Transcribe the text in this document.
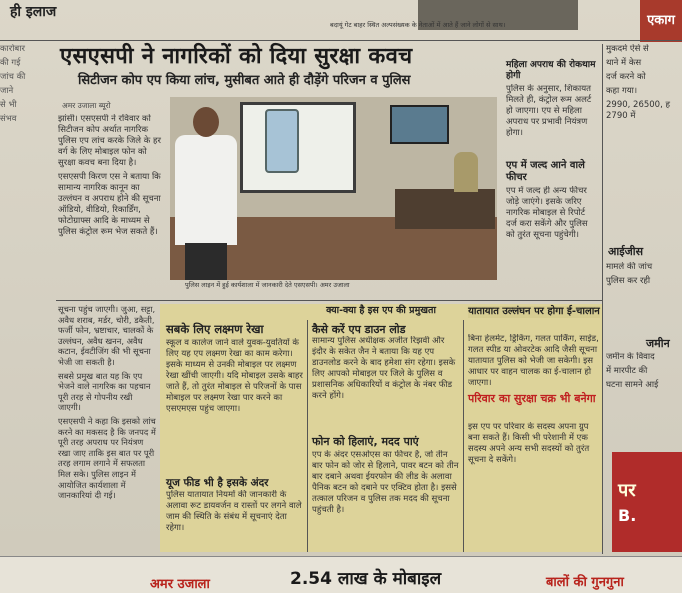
ही इलाज
बदायूं गेट बाहर स्थित अल्पसंख्यक के नेताओं में आते हैं जाने लोगों से साथ।	एकाग

कारोबार

की गई

जांच की

जाने

से भी

संभव

एसएसपी ने नागरिकों को दिया सुरक्षा कवच
सिटीजन कोप एप किया लांच, मुसीबत आते ही दौड़ेंगे परिजन व पुलिस
अमर उजाला ब्यूरो

झांसी। एसएसपी ने रविवार को सिटीजन कोप अर्थात नागरिक पुलिस एप लांच करके जिले के हर वर्ग के लिए मोबाइल फोन को सुरक्षा कवच बना दिया है।

एसएसपी किरण एस ने बताया कि सामान्य नागरिक कानून का उल्लंघन व अपराध होने की सूचना ऑडियो, वीडियो, रिकार्डिंग, फोटोग्राफ्स आदि के माध्यम से पुलिस कंट्रोल रूम भेज सकते हैं।

पुलिस लाइन में हुई कार्यशाला में जानकारी देते एसएसपी। अमर उजाला
महिला अपराध की रोकथाम होगी
पुलिस के अनुसार, शिकायत मिलते ही, कंट्रोल रूम अलर्ट हो जाएगा। एप से महिला अपराध पर प्रभावी नियंत्रण होगा।
एप में जल्द आने वाले फीचर
एप में जल्द ही अन्य फीचर जोड़े जाएंगे। इसके जरिए नागरिक मोबाइल से रिपोर्ट दर्ज करा सकेंगे और पुलिस को तुरंत सूचना पहुंचेगी।

मुकदमे ऐसे से

थाने में केस

दर्ज करने को

कहा गया।

2990, 26500, ह 2790 में

आईजीस

मामले की जांच

पुलिस कर रही

जमीन

जमीन के विवाद

में मारपीट की

घटना सामने आई

पर
B.

सूचना पहुंच जाएगी। जुआ, सट्टा, अवैध शराब, मर्डर, चोरी, डकैती, फर्जी फोन, भ्रष्टाचार, चालकों के उल्लंघन, अवैध खनन, अवैध कटान, ईवटीजिंग की भी सूचना भेजी जा सकती है।

सबसे प्रमुख बात यह कि एप भेजने वाले नागरिक का पहचान पूरी तरह से गोपनीय रखी जाएगी।

एसएसपी ने कहा कि इसको लांच करने का मकसद है कि जनपद में पूरी तरह अपराध पर नियंत्रण रखा जाए ताकि इस बात पर पूरी तरह लगाम लगाने में सफलता मिल सके। पुलिस लाइन में आयोजित कार्यशाला में जानकारियां दी गई।

क्या-क्या है इस एप की प्रमुखता
सबके लिए लक्ष्मण रेखा
स्कूल व कालेज जाने वाले युवक-युवतियों के लिए यह एप लक्ष्मण रेखा का काम करेगा। इसके माध्यम से उनकी मोबाइल पर लक्ष्मण रेखा खींची जाएगी। यदि मोबाइल उसके बाहर जाते हैं, तो तुरंत मोबाइल से परिजनों के पास मोबाइल पर लक्ष्मण रेखा पार करने का एसएमएस पहुंच जाएगा।
यूज फीड भी है इसके अंदर
पुलिस यातायात नियमों की जानकारी के अलावा रूट डायवर्जन व रास्तों पर लगने वाले जाम की स्थिति के संबंध में सूचनाएं देता रहेगा।
कैसे करें एप डाउन लोड
सामान्य पुलिस अधीक्षक अजीत रिझवी और इंदौर के सकेत जैन ने बताया कि यह एप डाउनलोड करने के बाद हमेशा संग रहेगा। इसके लिए आपको मोबाइल पर जिले के पुलिस व प्रशासनिक अधिकारियों व कंट्रोल के नंबर फीड करने होंगे।
फोन को हिलाएं, मदद पाएं
एप के अंदर एसओएस का फीचर है, जो तीन बार फोन को जोर से हिलाने, पावर बटन को तीन बार दबाने अथवा ईयरफोन की लीड के अलावा पैनिक बटन को दबाने पर एक्टिव होता है। इससे तत्काल परिजन व पुलिस तक मदद की सूचना पहुंचती है।
यातायात उल्लंघन पर होगा ई-चालान
बिना हेलमेट, ड्रिंकिंग, गलत पार्किंग, साईड, गलत स्पीड या ओवरटेक आदि जैसी सूचना यातायात पुलिस को भेजी जा सकेगी। इस आधार पर वाहन चालक का ई-चालान हो जाएगा।
परिवार का सुरक्षा चक्र भी बनेगा
इस एप पर परिवार के सदस्य अपना ग्रुप बना सकते हैं। किसी भी परेशानी में एक सदस्य अपने अन्य सभी सदस्यों को तुरंत सूचना दे सकेंगे।
अमर उजाला	2.54 लाख के मोबाइल	बालों की गुनगुना
